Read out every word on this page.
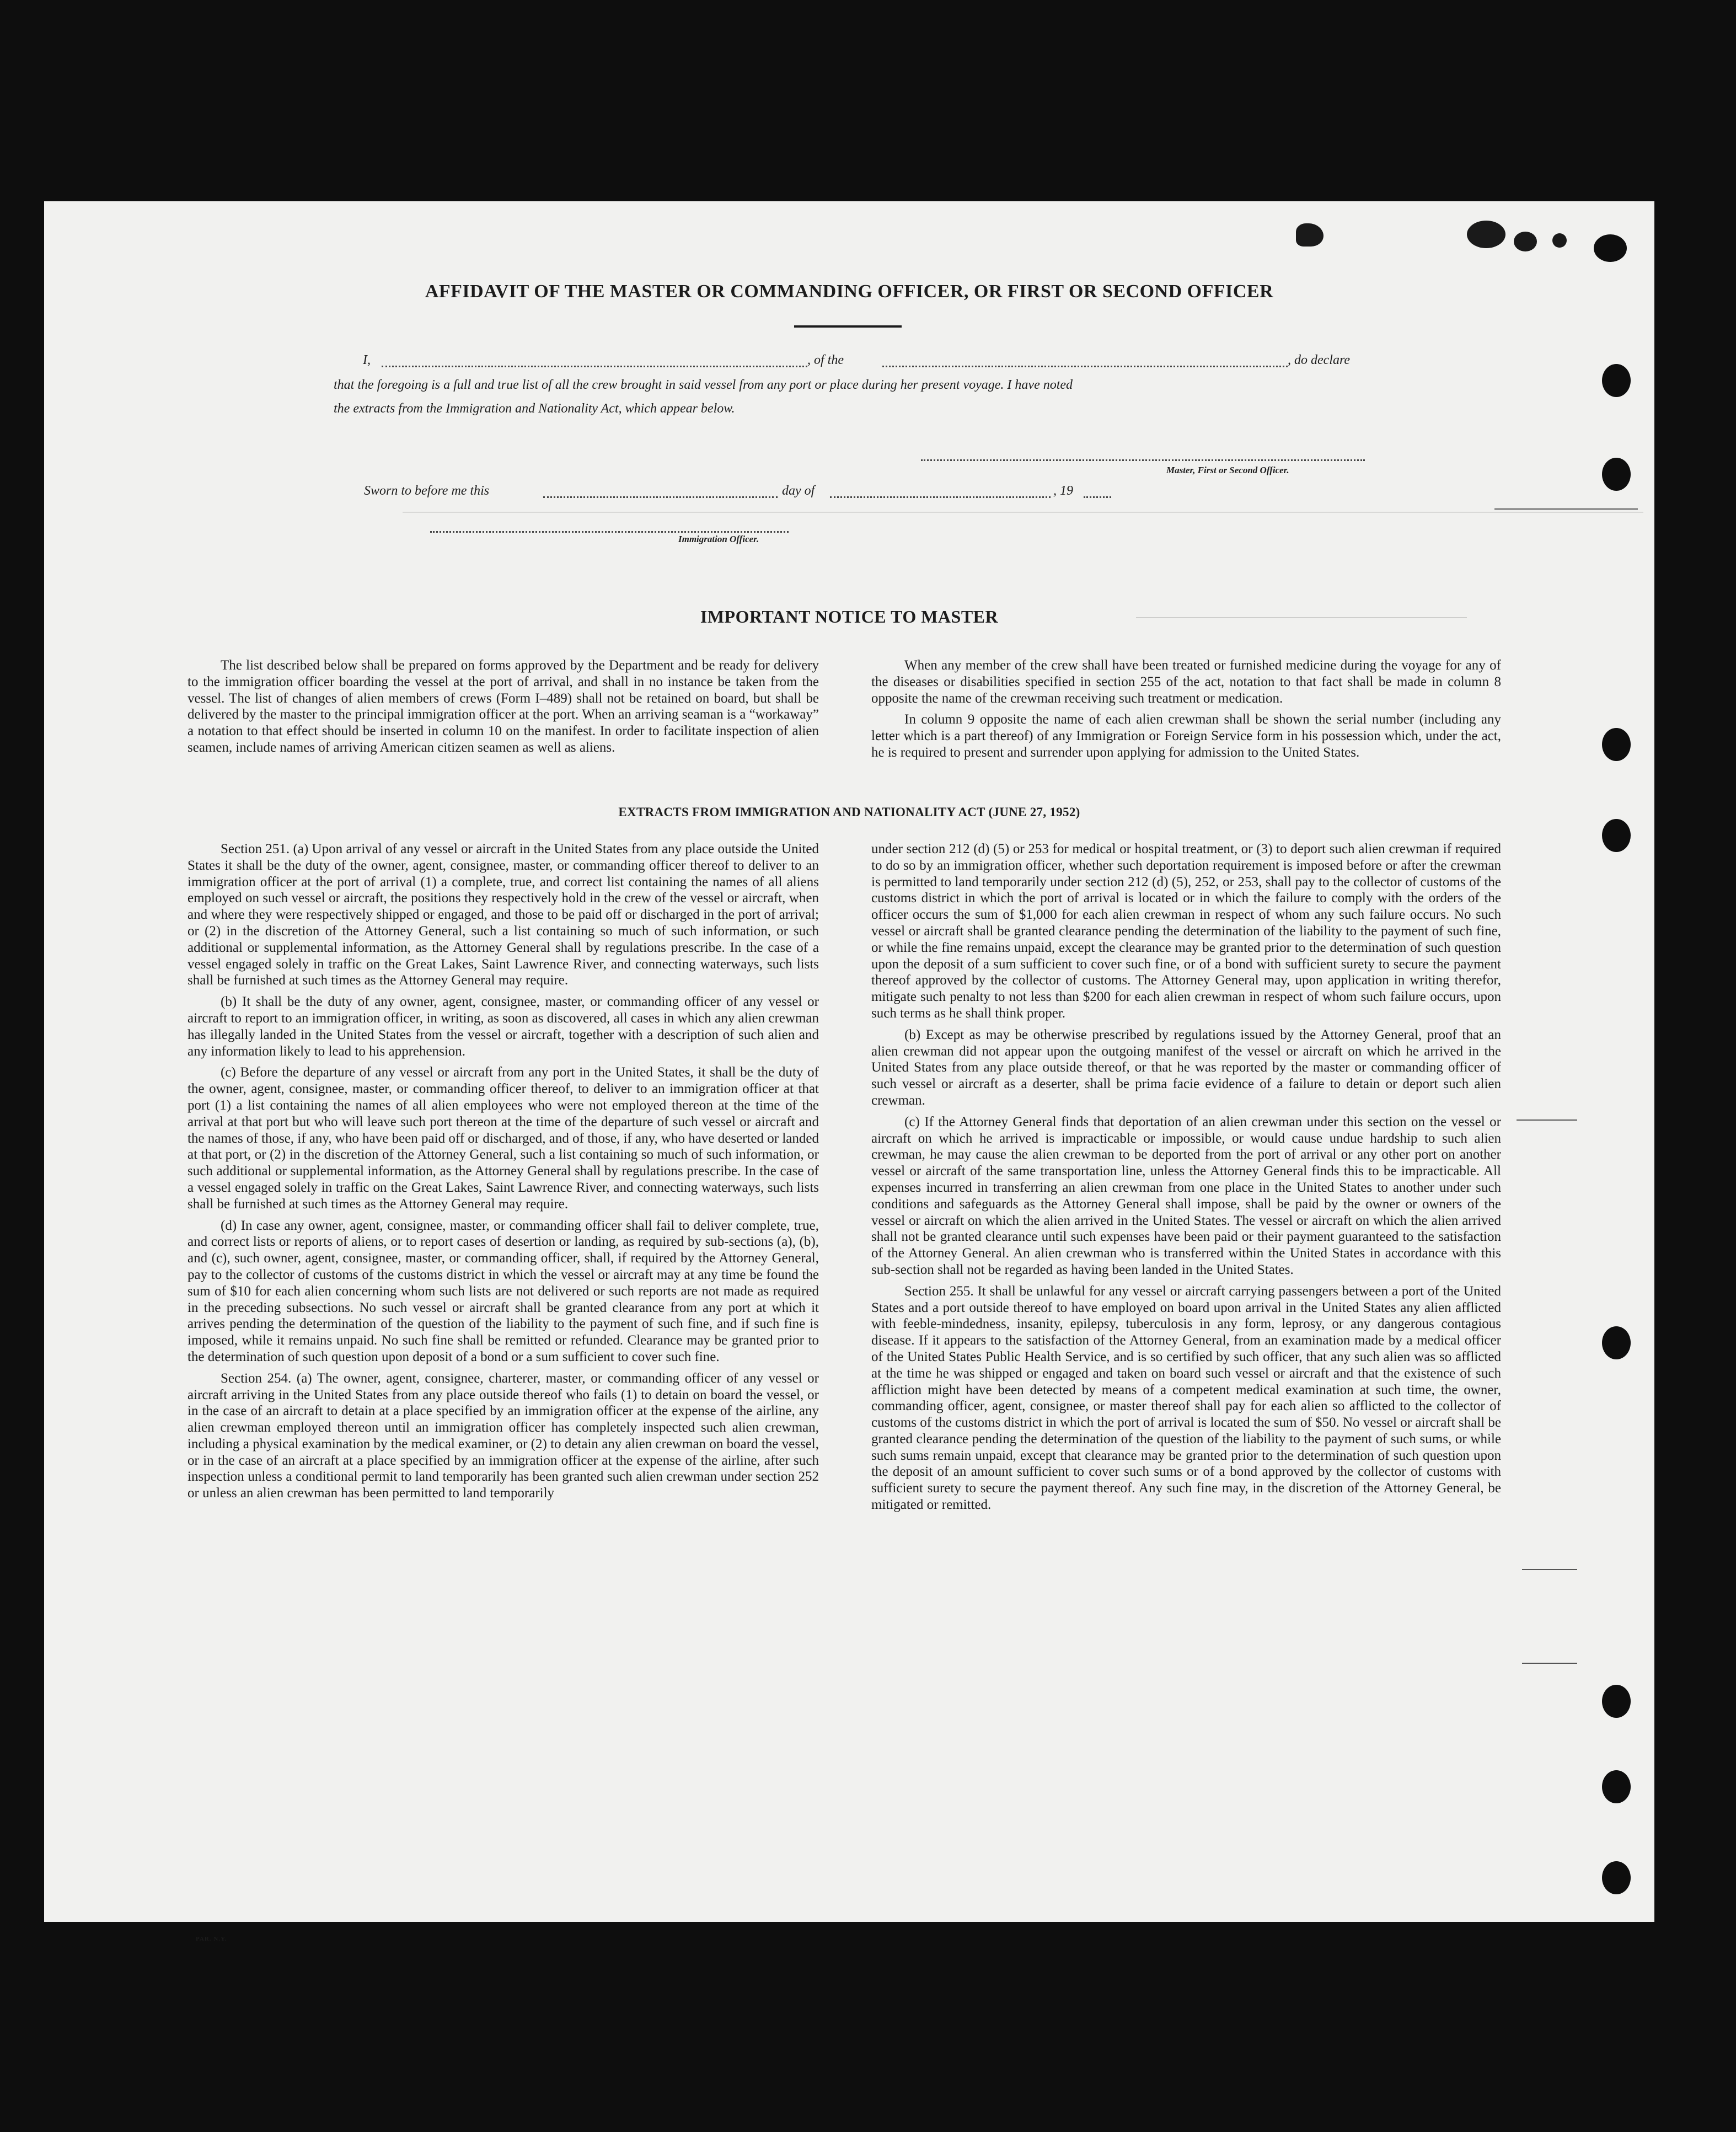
AFFIDAVIT OF THE MASTER OR COMMANDING OFFICER, OR FIRST OR SECOND OFFICER
I,	, of the	, do declare
that the foregoing is a full and true list of all the crew brought in said vessel from any port or place during her present voyage. I have noted
the extracts from the Immigration and Nationality Act, which appear below.
Master, First or Second Officer.
Sworn to before me this	day of	, 19
Immigration Officer.
IMPORTANT NOTICE TO MASTER

The list described below shall be prepared on forms approved by the Department and be ready for delivery to the immigration officer boarding the vessel at the port of arrival, and shall in no instance be taken from the vessel. The list of changes of alien members of crews (Form I–489) shall not be retained on board, but shall be delivered by the master to the principal immigration officer at the port. When an arriving seaman is a “workaway” a notation to that effect should be inserted in column 10 on the manifest. In order to facilitate inspection of alien seamen, include names of arriving American citizen seamen as well as aliens.

When any member of the crew shall have been treated or furnished medicine during the voyage for any of the diseases or disabilities specified in section 255 of the act, notation to that fact shall be made in column 8 opposite the name of the crewman receiving such treatment or medication.

In column 9 opposite the name of each alien crewman shall be shown the serial number (including any letter which is a part thereof) of any Immigration or Foreign Service form in his possession which, under the act, he is required to present and surrender upon applying for admission to the United States.

EXTRACTS FROM IMMIGRATION AND NATIONALITY ACT (JUNE 27, 1952)

Section 251. (a) Upon arrival of any vessel or aircraft in the United States from any place outside the United States it shall be the duty of the owner, agent, consignee, master, or commanding officer thereof to deliver to an immigration officer at the port of arrival (1) a complete, true, and correct list containing the names of all aliens employed on such vessel or aircraft, the positions they respectively hold in the crew of the vessel or aircraft, when and where they were respectively shipped or engaged, and those to be paid off or discharged in the port of arrival; or (2) in the discretion of the Attorney General, such a list containing so much of such information, or such additional or supplemental information, as the Attorney General shall by regulations prescribe. In the case of a vessel engaged solely in traffic on the Great Lakes, Saint Lawrence River, and connecting waterways, such lists shall be furnished at such times as the Attorney General may require.

(b) It shall be the duty of any owner, agent, consignee, master, or commanding officer of any vessel or aircraft to report to an immigration officer, in writing, as soon as discovered, all cases in which any alien crewman has illegally landed in the United States from the vessel or aircraft, together with a description of such alien and any information likely to lead to his apprehension.

(c) Before the departure of any vessel or aircraft from any port in the United States, it shall be the duty of the owner, agent, consignee, master, or commanding officer thereof, to deliver to an immigration officer at that port (1) a list containing the names of all alien employees who were not employed thereon at the time of the arrival at that port but who will leave such port thereon at the time of the departure of such vessel or aircraft and the names of those, if any, who have been paid off or discharged, and of those, if any, who have deserted or landed at that port, or (2) in the discretion of the Attorney General, such a list containing so much of such information, or such additional or supplemental information, as the Attorney General shall by regulations prescribe. In the case of a vessel engaged solely in traffic on the Great Lakes, Saint Lawrence River, and connecting waterways, such lists shall be furnished at such times as the Attorney General may require.

(d) In case any owner, agent, consignee, master, or commanding officer shall fail to deliver complete, true, and correct lists or reports of aliens, or to report cases of desertion or landing, as required by sub-sections (a), (b), and (c), such owner, agent, consignee, master, or commanding officer, shall, if required by the Attorney General, pay to the collector of customs of the customs district in which the vessel or aircraft may at any time be found the sum of $10 for each alien concerning whom such lists are not delivered or such reports are not made as required in the preceding subsections. No such vessel or aircraft shall be granted clearance from any port at which it arrives pending the determination of the question of the liability to the payment of such fine, and if such fine is imposed, while it remains unpaid. No such fine shall be remitted or refunded. Clearance may be granted prior to the determination of such question upon deposit of a bond or a sum sufficient to cover such fine.

Section 254. (a) The owner, agent, consignee, charterer, master, or commanding officer of any vessel or aircraft arriving in the United States from any place outside thereof who fails (1) to detain on board the vessel, or in the case of an aircraft to detain at a place specified by an immigration officer at the expense of the airline, any alien crewman employed thereon until an immigration officer has completely inspected such alien crewman, including a physical examination by the medical examiner, or (2) to detain any alien crewman on board the vessel, or in the case of an aircraft at a place specified by an immigration officer at the expense of the airline, after such inspection unless a conditional permit to land temporarily has been granted such alien crewman under section 252 or unless an alien crewman has been permitted to land temporarily

under section 212 (d) (5) or 253 for medical or hospital treatment, or (3) to deport such alien crewman if required to do so by an immigration officer, whether such deportation requirement is imposed before or after the crewman is permitted to land temporarily under section 212 (d) (5), 252, or 253, shall pay to the collector of customs of the customs district in which the port of arrival is located or in which the failure to comply with the orders of the officer occurs the sum of $1,000 for each alien crewman in respect of whom any such failure occurs. No such vessel or aircraft shall be granted clearance pending the determination of the liability to the payment of such fine, or while the fine remains unpaid, except the clearance may be granted prior to the determination of such question upon the deposit of a sum sufficient to cover such fine, or of a bond with sufficient surety to secure the payment thereof approved by the collector of customs. The Attorney General may, upon application in writing therefor, mitigate such penalty to not less than $200 for each alien crewman in respect of whom such failure occurs, upon such terms as he shall think proper.

(b) Except as may be otherwise prescribed by regulations issued by the Attorney General, proof that an alien crewman did not appear upon the outgoing manifest of the vessel or aircraft on which he arrived in the United States from any place outside thereof, or that he was reported by the master or commanding officer of such vessel or aircraft as a deserter, shall be prima facie evidence of a failure to detain or deport such alien crewman.

(c) If the Attorney General finds that deportation of an alien crewman under this section on the vessel or aircraft on which he arrived is impracticable or impossible, or would cause undue hardship to such alien crewman, he may cause the alien crewman to be deported from the port of arrival or any other port on another vessel or aircraft of the same transportation line, unless the Attorney General finds this to be impracticable. All expenses incurred in transferring an alien crewman from one place in the United States to another under such conditions and safeguards as the Attorney General shall impose, shall be paid by the owner or owners of the vessel or aircraft on which the alien arrived in the United States. The vessel or aircraft on which the alien arrived shall not be granted clearance until such expenses have been paid or their payment guaranteed to the satisfaction of the Attorney General. An alien crewman who is transferred within the United States in accordance with this sub-section shall not be regarded as having been landed in the United States.

Section 255. It shall be unlawful for any vessel or aircraft carrying passengers between a port of the United States and a port outside thereof to have employed on board upon arrival in the United States any alien afflicted with feeble-mindedness, insanity, epilepsy, tuberculosis in any form, leprosy, or any dangerous contagious disease. If it appears to the satisfaction of the Attorney General, from an examination made by a medical officer of the United States Public Health Service, and is so certified by such officer, that any such alien was so afflicted at the time he was shipped or engaged and taken on board such vessel or aircraft and that the existence of such affliction might have been detected by means of a competent medical examination at such time, the owner, commanding officer, agent, consignee, or master thereof shall pay for each alien so afflicted to the collector of customs of the customs district in which the port of arrival is located the sum of $50. No vessel or aircraft shall be granted clearance pending the determination of the question of the liability to the payment of such sums, or while such sums remain unpaid, except that clearance may be granted prior to the determination of such question upon the deposit of an amount sufficient to cover such sums or of a bond approved by the collector of customs with sufficient surety to secure the payment thereof. Any such fine may, in the discretion of the Attorney General, be mitigated or remitted.

PAR. N.Y.
